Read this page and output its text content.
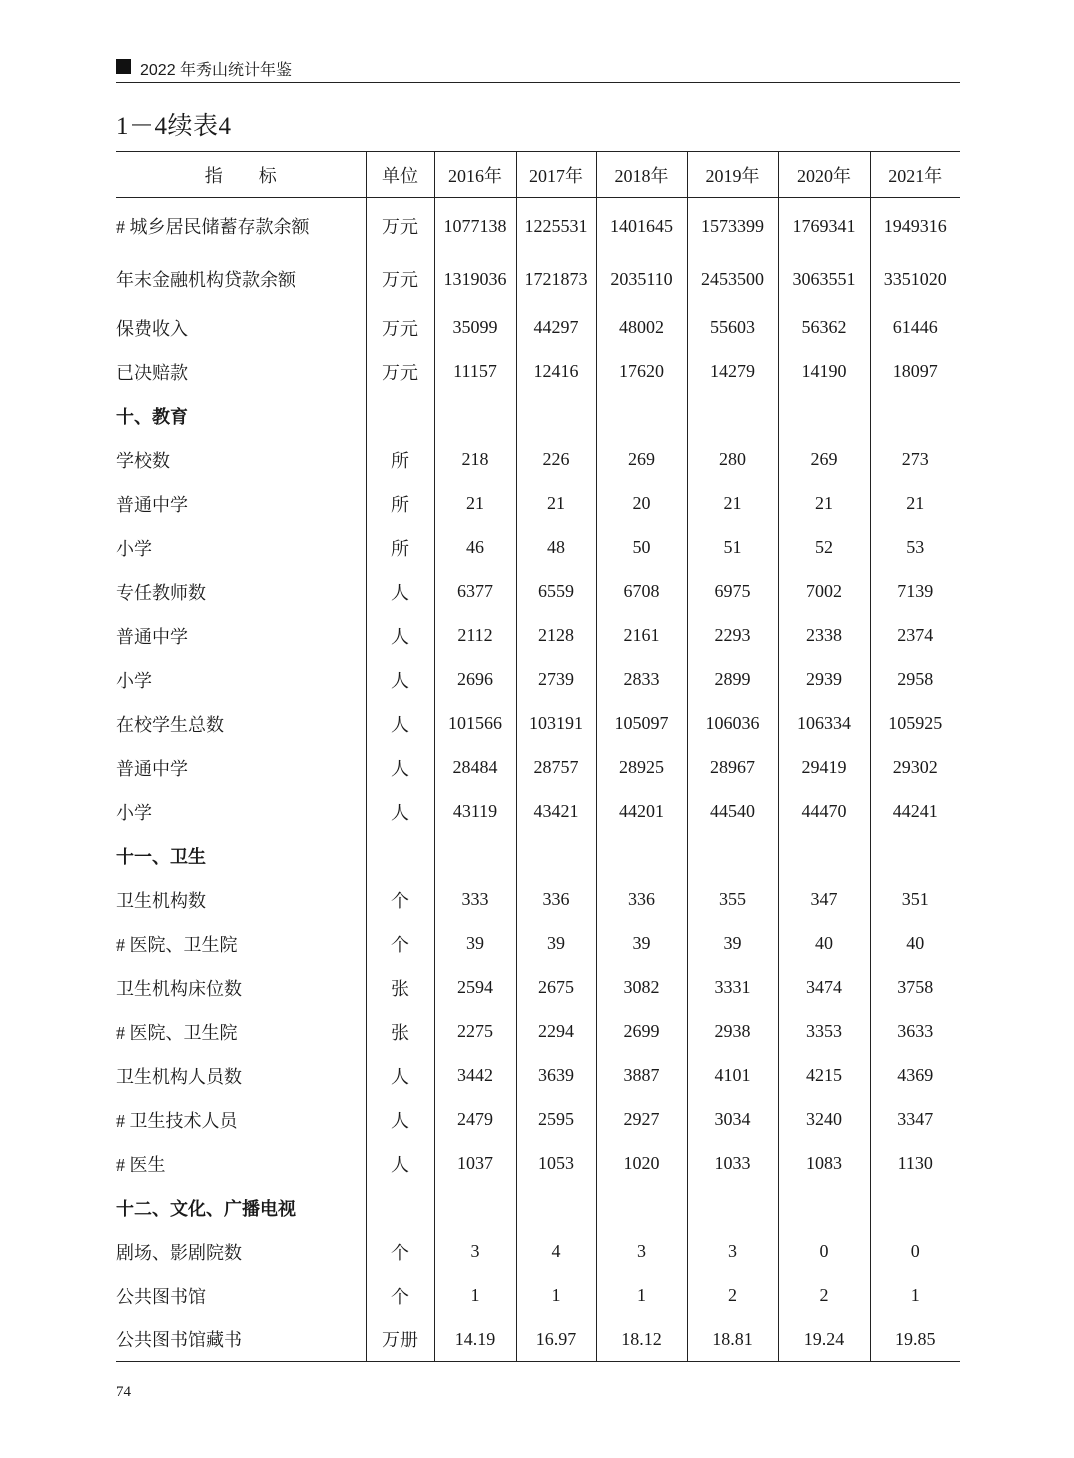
2022 年秀山统计年鉴
1－4续表4
指　　标	单位	2016年	2017年	2018年	2019年	2020年	2021年
# 城乡居民储蓄存款余额	万元	1077138	1225531	1401645	1573399	1769341	1949316
年末金融机构贷款余额	万元	1319036	1721873	2035110	2453500	3063551	3351020
保费收入	万元	35099	44297	48002	55603	56362	61446
已决赔款	万元	11157	12416	17620	14279	14190	18097
十、教育							
学校数	所	218	226	269	280	269	273
普通中学	所	21	21	20	21	21	21
小学	所	46	48	50	51	52	53
专任教师数	人	6377	6559	6708	6975	7002	7139
普通中学	人	2112	2128	2161	2293	2338	2374
小学	人	2696	2739	2833	2899	2939	2958
在校学生总数	人	101566	103191	105097	106036	106334	105925
普通中学	人	28484	28757	28925	28967	29419	29302
小学	人	43119	43421	44201	44540	44470	44241
十一、卫生							
卫生机构数	个	333	336	336	355	347	351
# 医院、卫生院	个	39	39	39	39	40	40
卫生机构床位数	张	2594	2675	3082	3331	3474	3758
# 医院、卫生院	张	2275	2294	2699	2938	3353	3633
卫生机构人员数	人	3442	3639	3887	4101	4215	4369
# 卫生技术人员	人	2479	2595	2927	3034	3240	3347
# 医生	人	1037	1053	1020	1033	1083	1130
十二、文化、广播电视							
剧场、影剧院数	个	3	4	3	3	0	0
公共图书馆	个	1	1	1	2	2	1
公共图书馆藏书	万册	14.19	16.97	18.12	18.81	19.24	19.85
74
